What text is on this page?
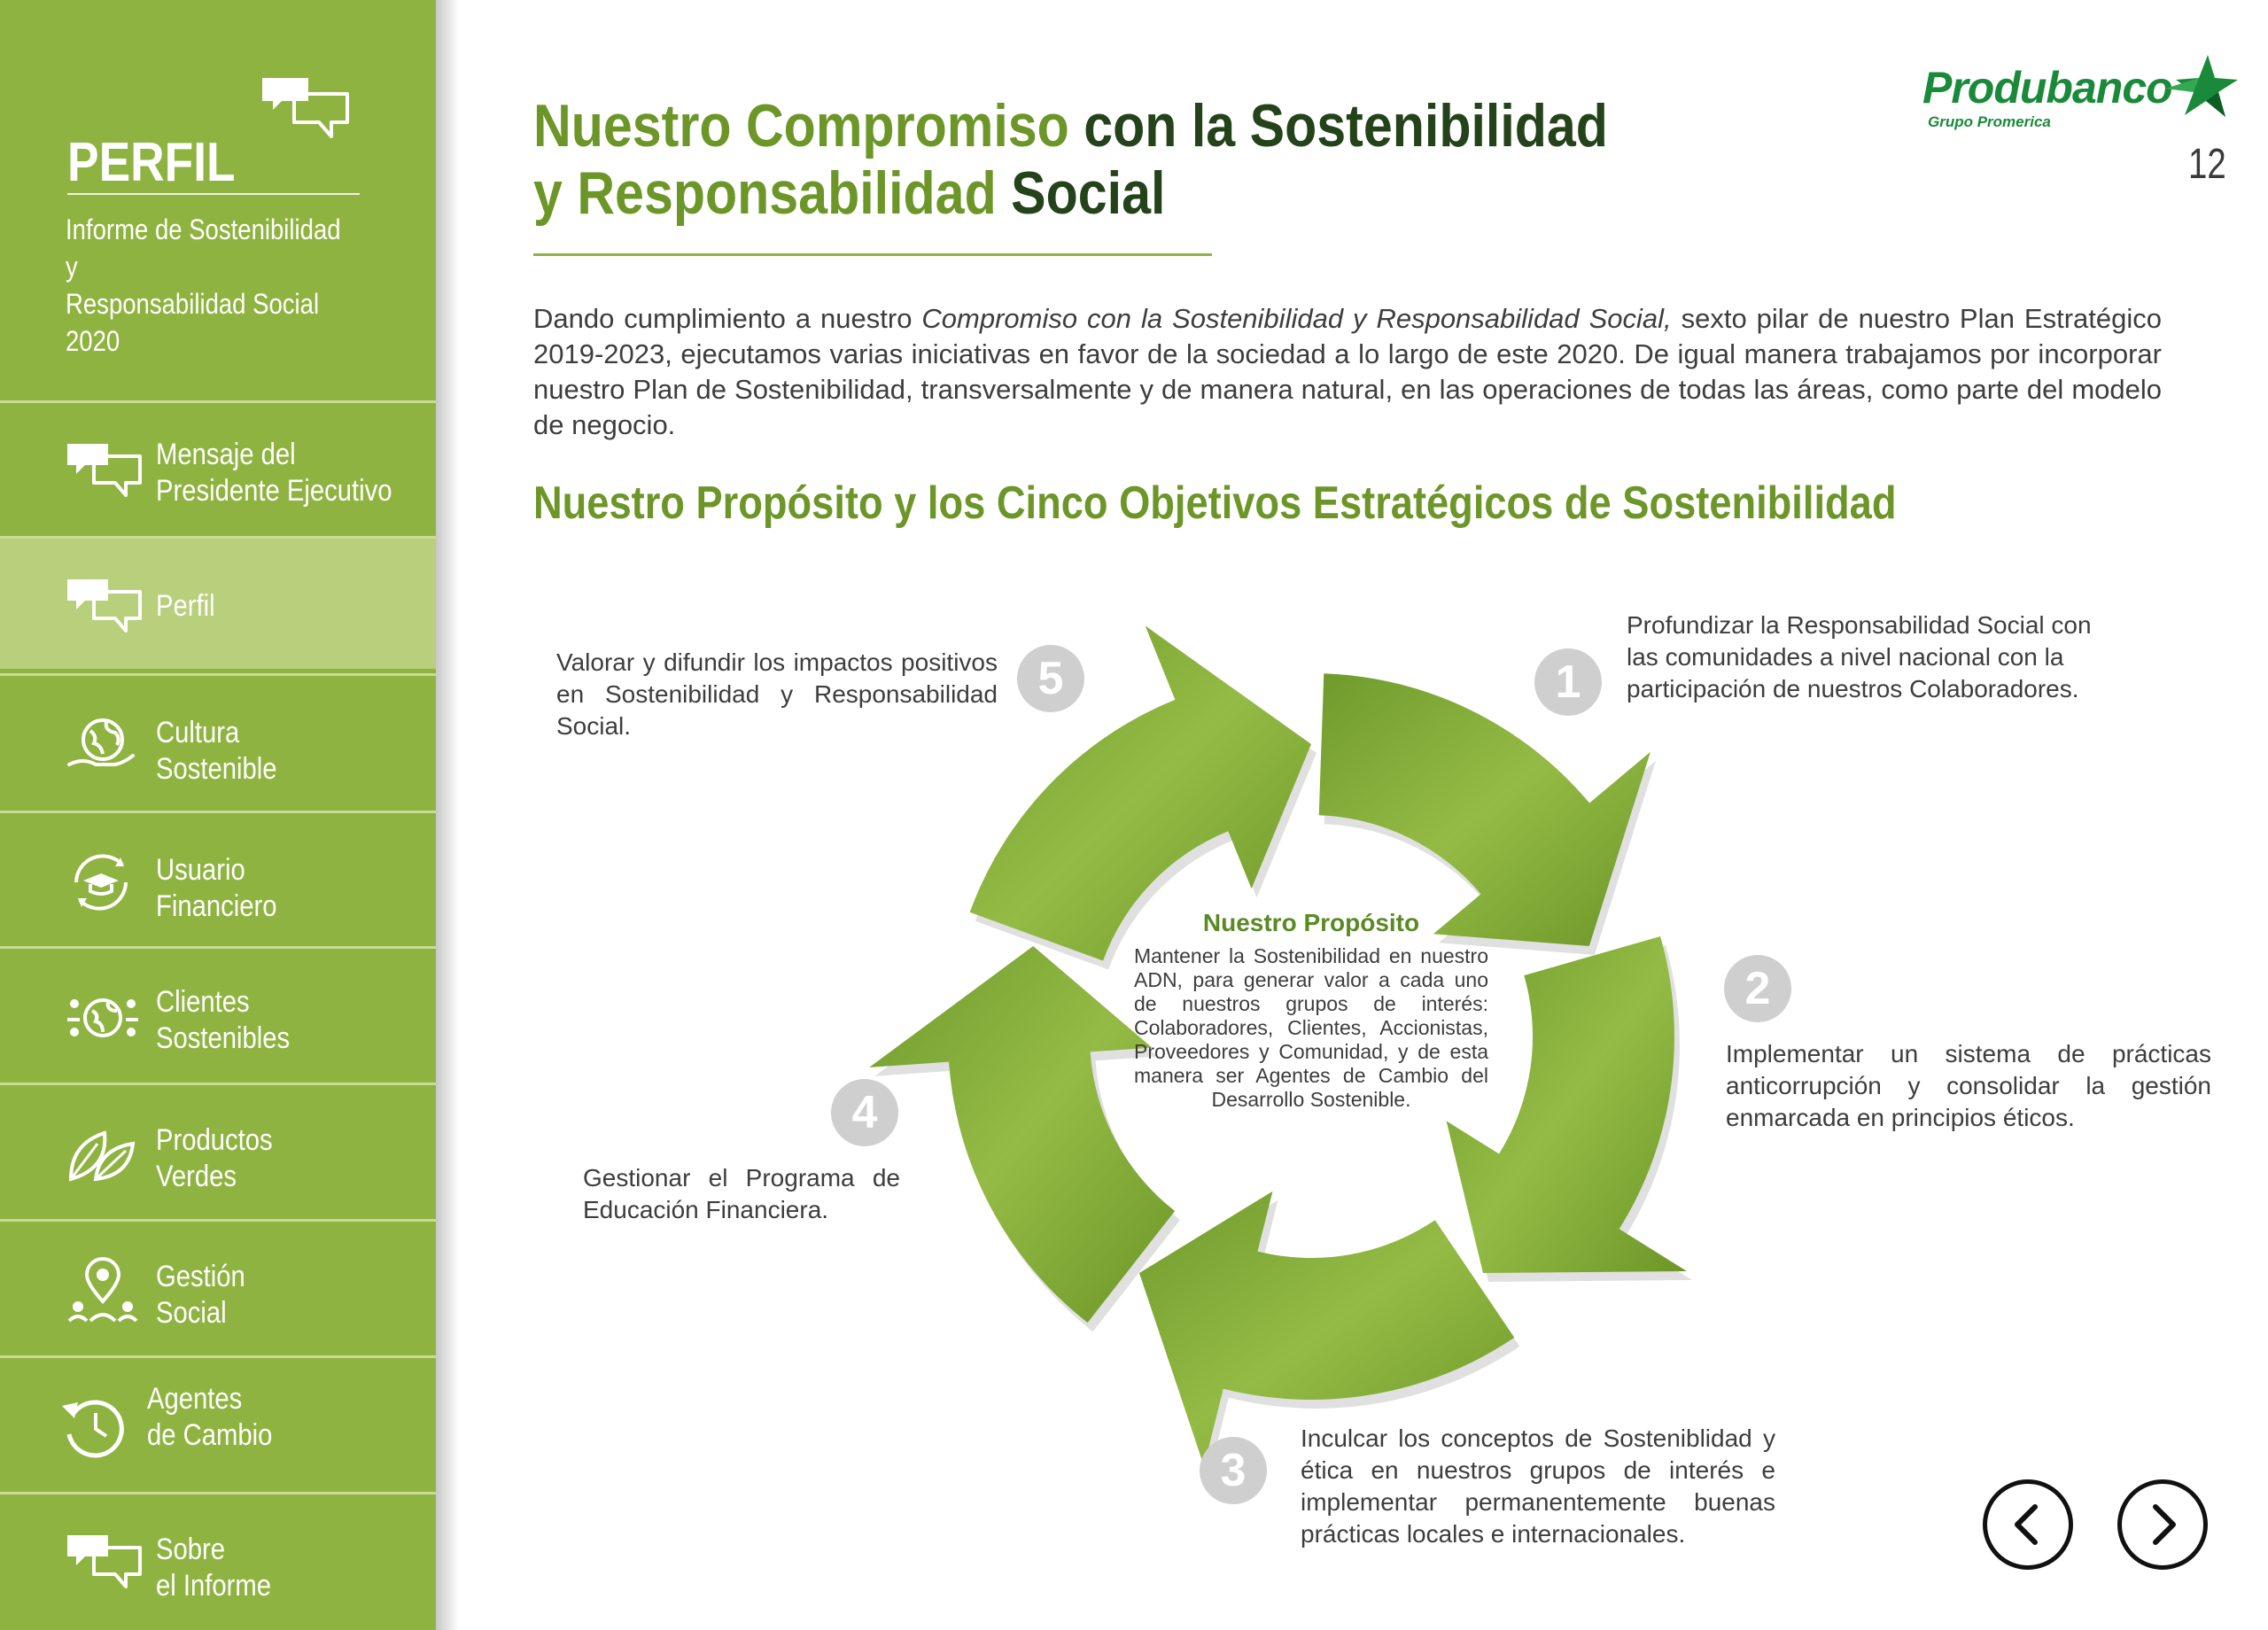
PERFIL
Informe de Sostenibilidad y
Responsabilidad Social 2020
Mensaje del
Presidente Ejecutivo
Perfil
Cultura
Sostenible
Usuario
Financiero
Clientes
Sostenibles
Productos
Verdes
Gestión
Social
Agentes
de Cambio
Sobre
el Informe
Nuestro Compromiso con la Sostenibilidad
y Responsabilidad Social
Produbanco
Grupo Promerica
12

Dando cumplimiento a nuestro Compromiso con la Sostenibilidad y Responsabilidad Social, sexto pilar de nuestro Plan Estratégico 2019-2023, ejecutamos varias iniciativas en favor de la sociedad a lo largo de este 2020. De igual manera trabajamos por incorporar nuestro Plan de Sostenibilidad, transversalmente y de manera natural, en las operaciones de todas las áreas, como parte del modelo de negocio.

Nuestro Propósito y los Cinco Objetivos Estratégicos de Sostenibilidad
Nuestro Propósito
Mantener la Sostenibilidad en nuestro ADN, para generar valor a cada uno de nuestros grupos de interés: Colaboradores, Clientes, Accionistas, Proveedores y Comunidad, y de esta manera ser Agentes de Cambio del Desarrollo Sostenible.
1
Profundizar la Responsabilidad Social con las comunidades a nivel nacional con la participación de nuestros Colaboradores.
2
Implementar un sistema de prácticas anticorrupción y consolidar la gestión enmarcada en principios éticos.
3
Inculcar los conceptos de Sosteniblidad y ética en nuestros grupos de interés e implementar permanentemente buenas prácticas locales e internacionales.
4
Gestionar el Programa de Educación Financiera.
5
Valorar y difundir los impactos positivos en Sostenibilidad y Responsabilidad Social.
